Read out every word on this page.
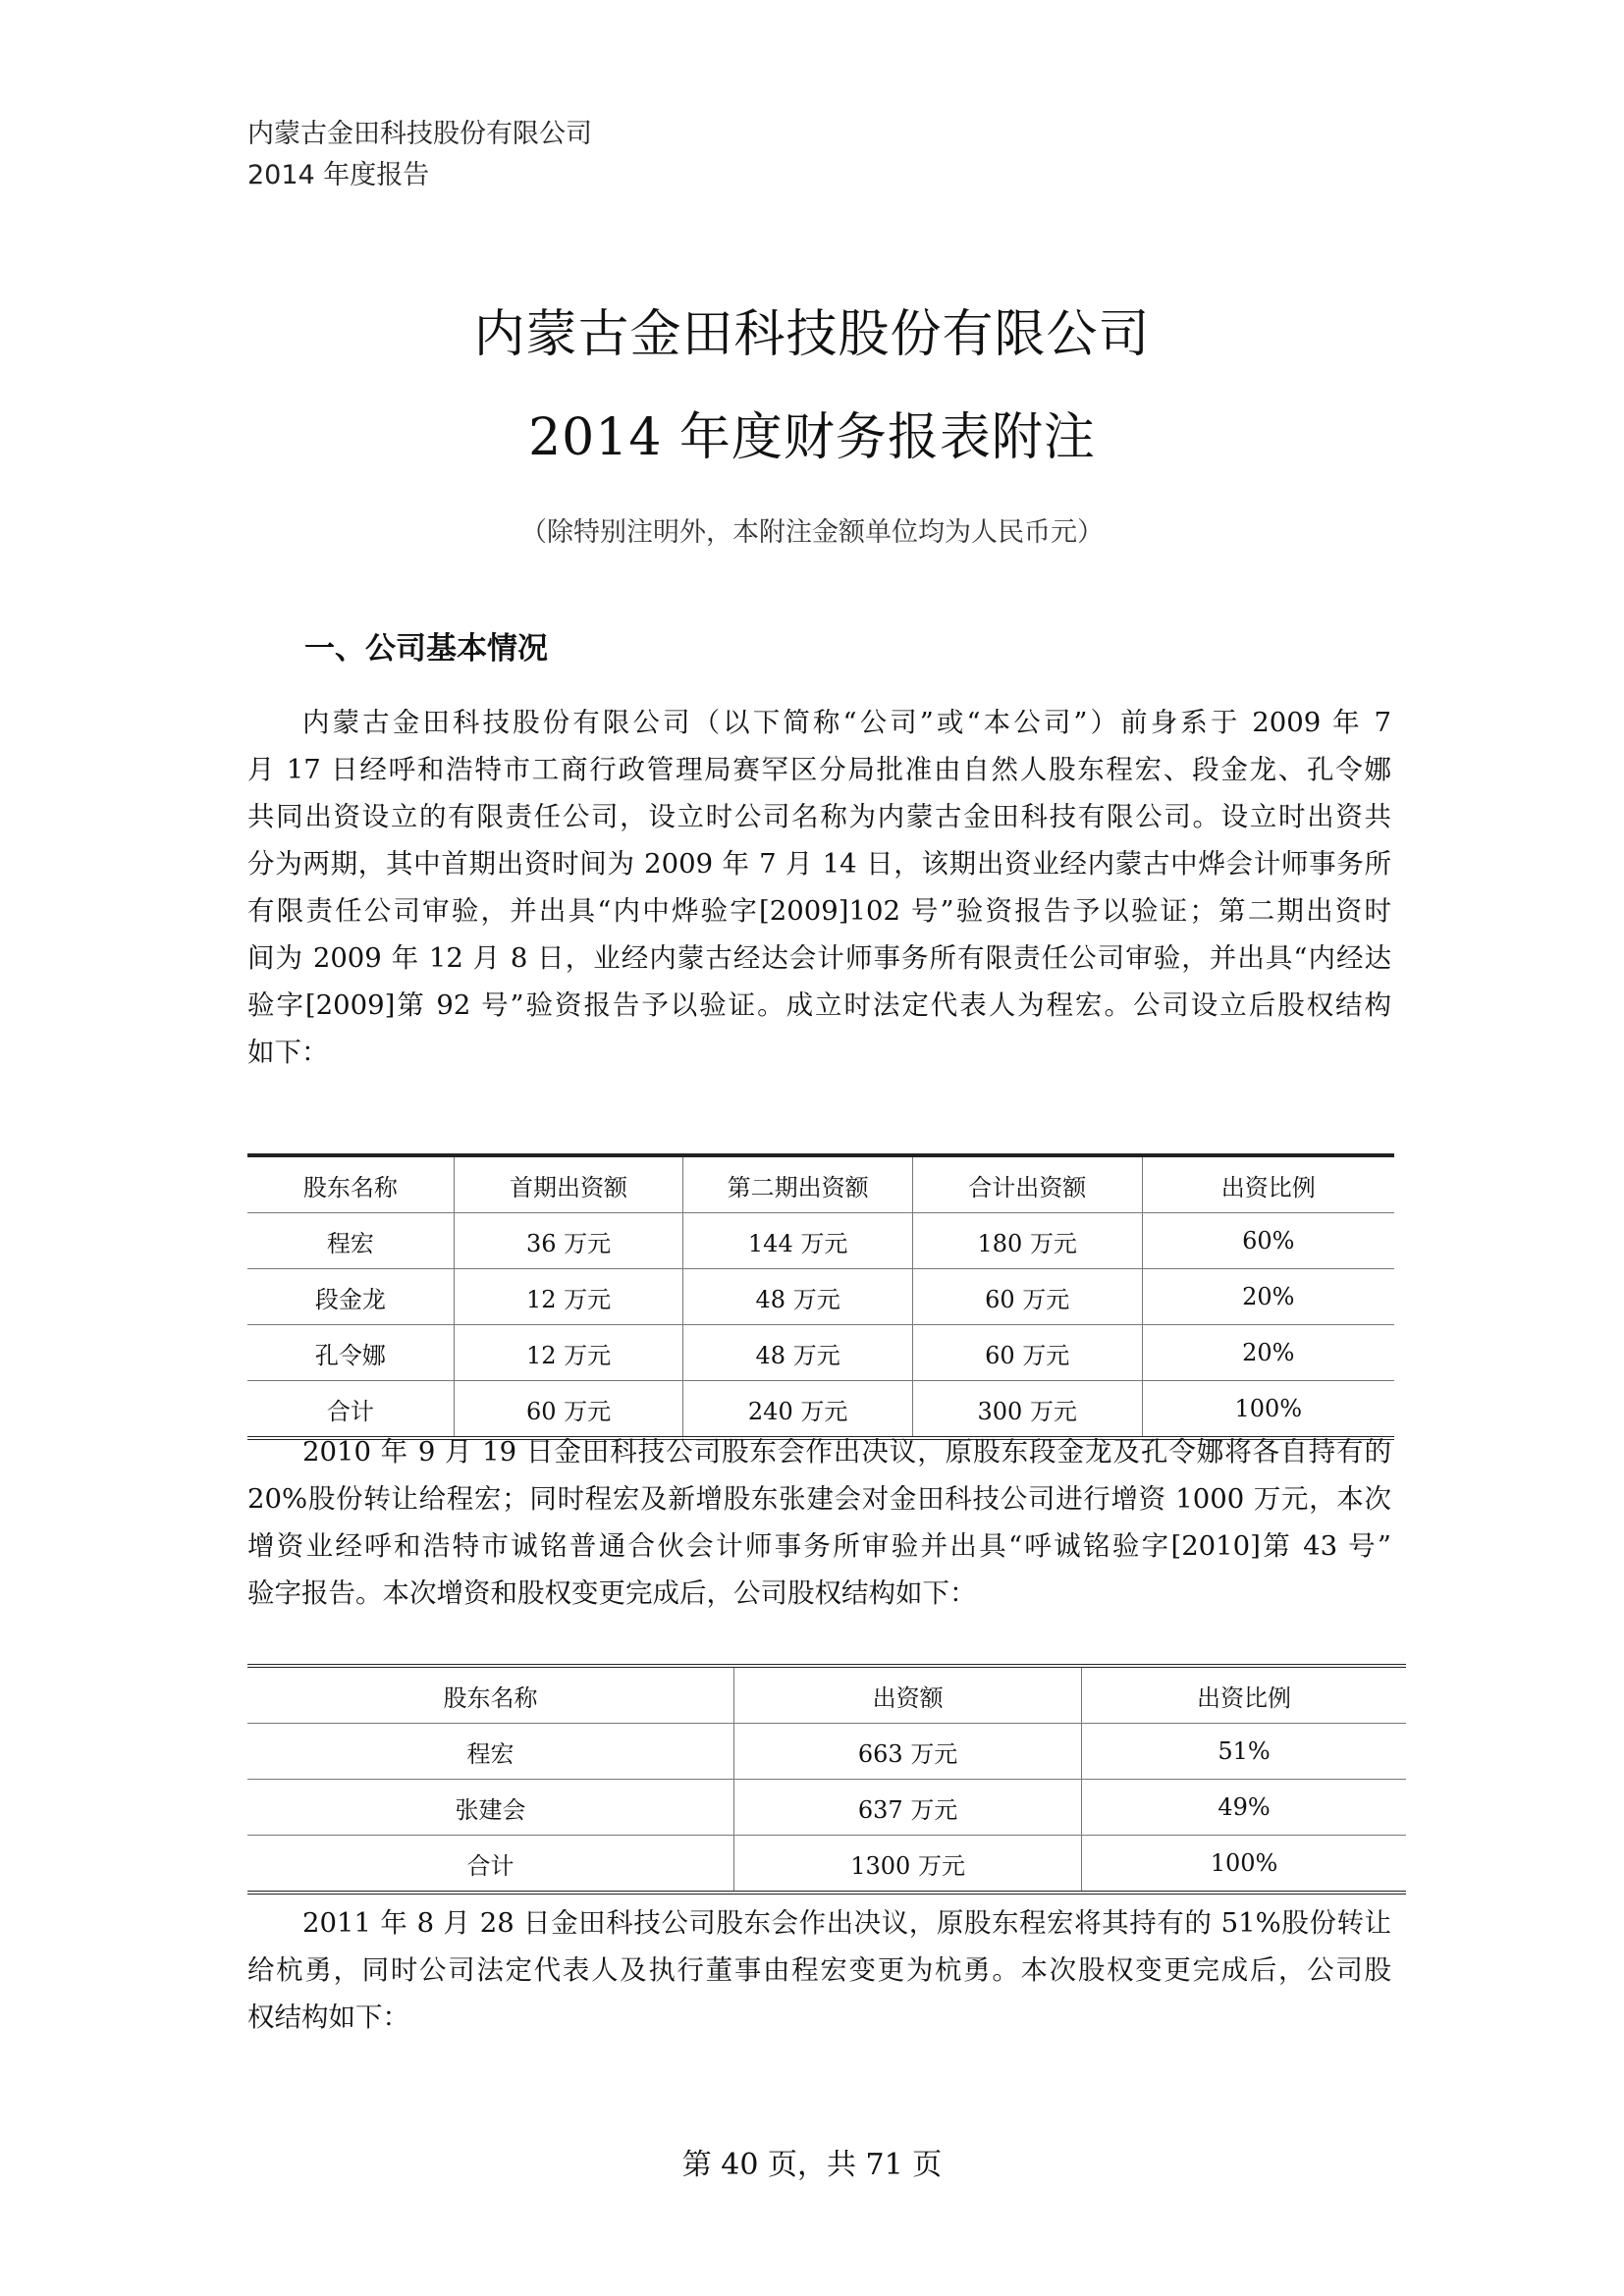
内蒙古金田科技股份有限公司
2014 年度报告
内蒙古金田科技股份有限公司
2014 年度财务报表附注
（除特别注明外，本附注金额单位均为人民币元）
一、公司基本情况
内蒙古金田科技股份有限公司（以下简称“公司”或“本公司”）前身系于 2009 年 7
月 17 日经呼和浩特市工商行政管理局赛罕区分局批准由自然人股东程宏、段金龙、孔令娜
共同出资设立的有限责任公司，设立时公司名称为内蒙古金田科技有限公司。设立时出资共
分为两期，其中首期出资时间为 2009 年 7 月 14 日，该期出资业经内蒙古中烨会计师事务所
有限责任公司审验，并出具“内中烨验字[2009]102 号”验资报告予以验证；第二期出资时
间为 2009 年 12 月 8 日，业经内蒙古经达会计师事务所有限责任公司审验，并出具“内经达
验字[2009]第 92 号”验资报告予以验证。成立时法定代表人为程宏。公司设立后股权结构
如下：
股东名称	首期出资额	第二期出资额	合计出资额	出资比例
程宏	36 万元	144 万元	180 万元	60%
段金龙	12 万元	48 万元	60 万元	20%
孔令娜	12 万元	48 万元	60 万元	20%
合计	60 万元	240 万元	300 万元	100%
2010 年 9 月 19 日金田科技公司股东会作出决议，原股东段金龙及孔令娜将各自持有的
20%股份转让给程宏；同时程宏及新增股东张建会对金田科技公司进行增资 1000 万元，本次
增资业经呼和浩特市诚铭普通合伙会计师事务所审验并出具“呼诚铭验字[2010]第 43 号”
验字报告。本次增资和股权变更完成后，公司股权结构如下：
股东名称	出资额	出资比例
程宏	663 万元	51%
张建会	637 万元	49%
合计	1300 万元	100%
2011 年 8 月 28 日金田科技公司股东会作出决议，原股东程宏将其持有的 51%股份转让
给杭勇，同时公司法定代表人及执行董事由程宏变更为杭勇。本次股权变更完成后，公司股
权结构如下：
第 40 页，共 71 页
